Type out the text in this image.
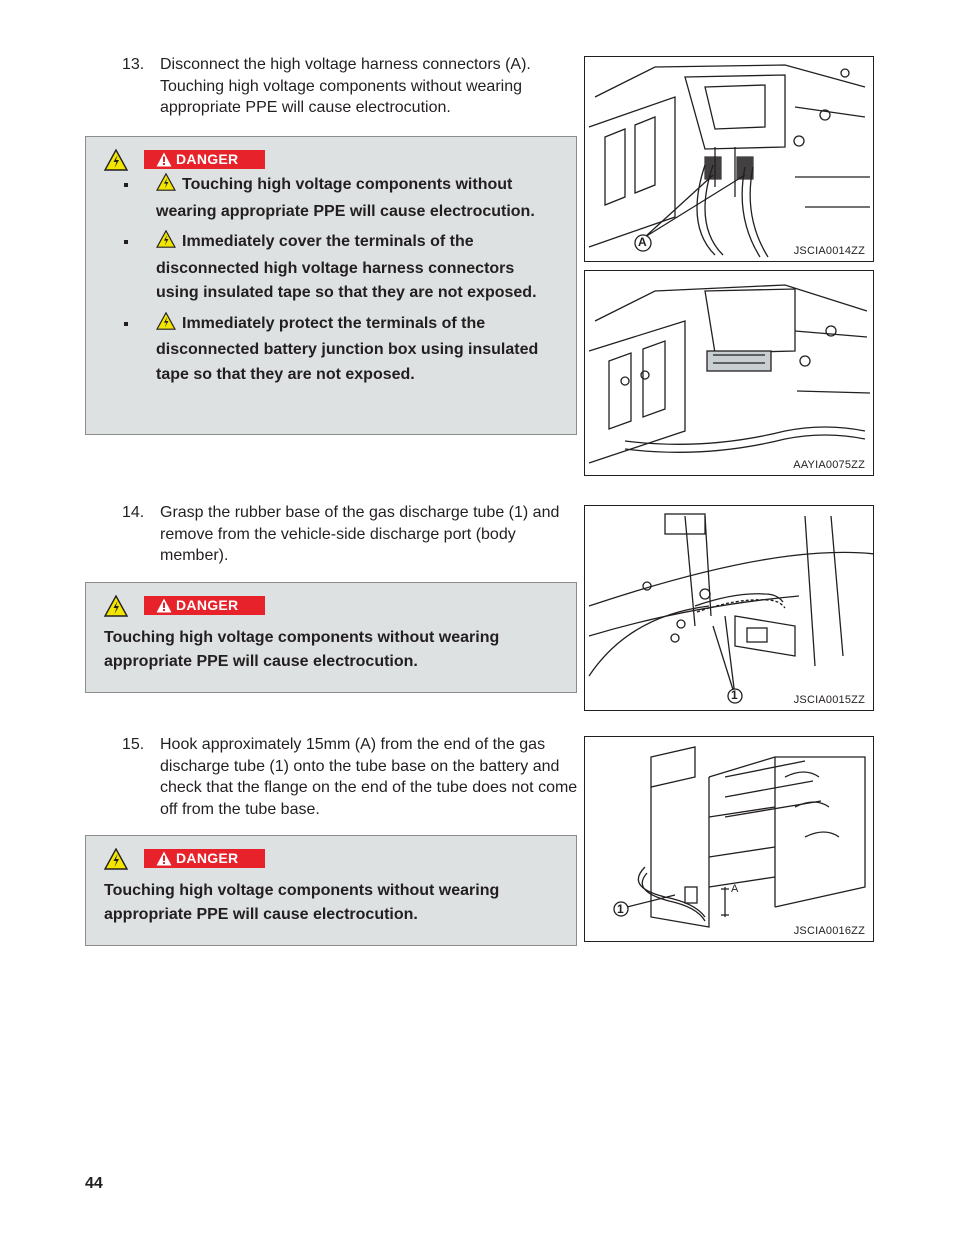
13. Disconnect the high voltage harness connectors (A). Touching high voltage components without wearing appropriate PPE will cause electrocution.
DANGER
Touching high voltage components without wearing appropriate PPE will cause electrocution.
Immediately cover the terminals of the disconnected high voltage harness connectors using insulated tape so that they are not exposed.
Immediately protect the terminals of the disconnected battery junction box using insulated tape so that they are not exposed.
14. Grasp the rubber base of the gas discharge tube (1) and remove from the vehicle-side discharge port (body member).
DANGER
Touching high voltage components without wearing appropriate PPE will cause electrocution.
15. Hook approximately 15mm (A) from the end of the gas discharge tube (1) onto the tube base on the battery and check that the flange on the end of the tube does not come off from the tube base.
DANGER
Touching high voltage components without wearing appropriate PPE will cause electrocution.
A
JSCIA0014ZZ
AAYIA0075ZZ
1	JSCIA0015ZZ
1
A
JSCIA0016ZZ
44
